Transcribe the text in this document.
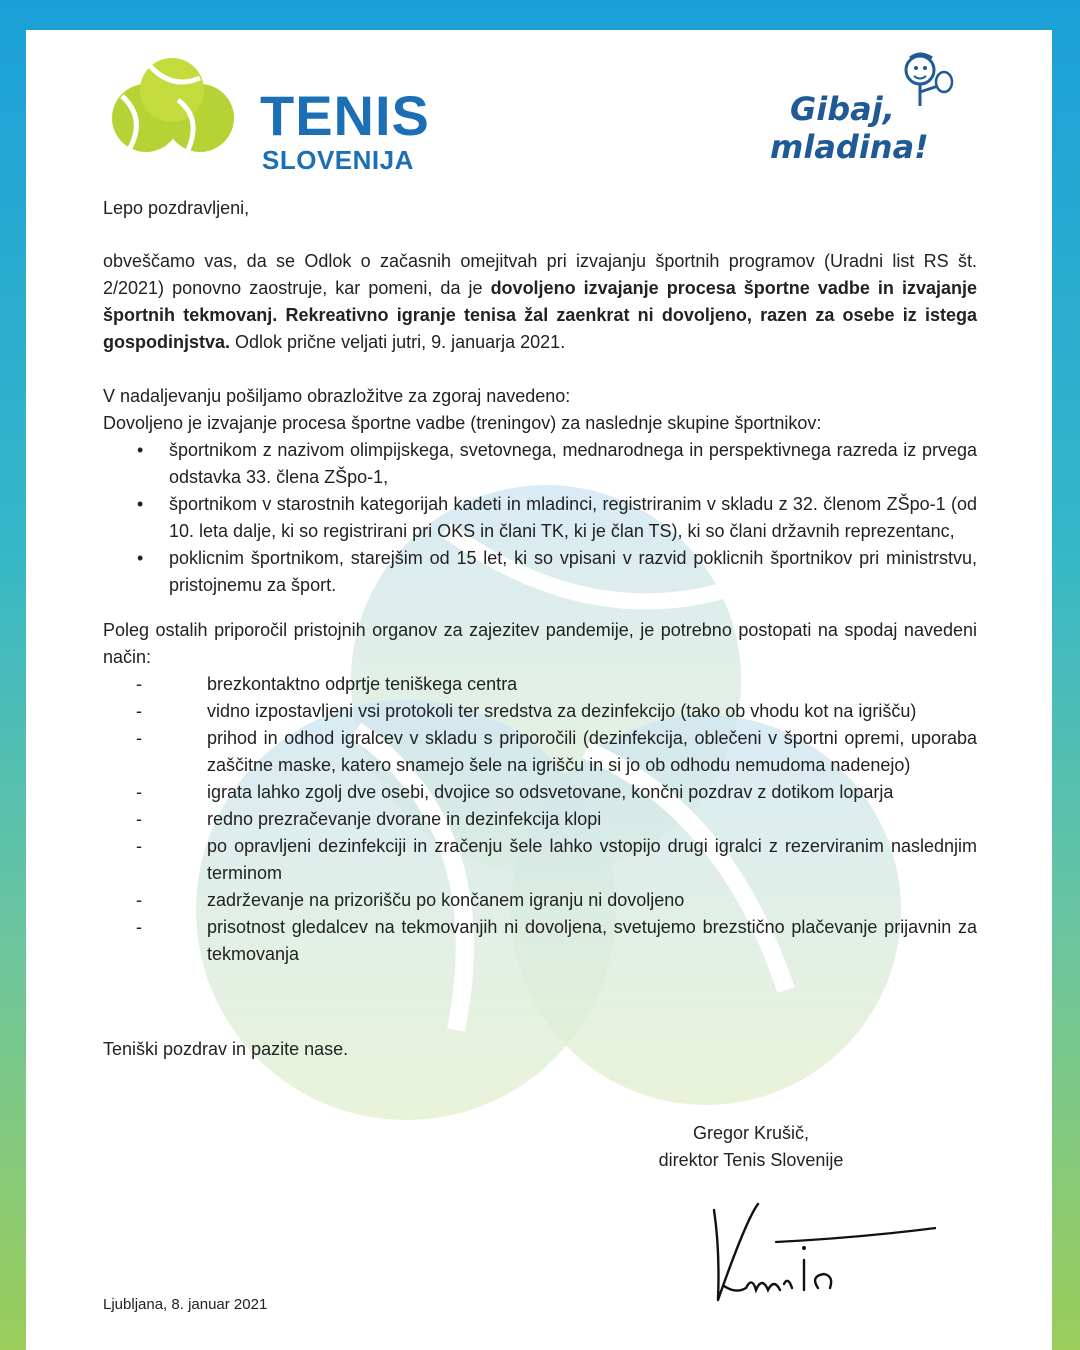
TENIS
SLOVENIJA
Gibaj,
mladina!
Lepo pozdravljeni,
obveščamo vas, da se Odlok o začasnih omejitvah pri izvajanju športnih programov (Uradni list RS št. 2/2021) ponovno zaostruje, kar pomeni, da je dovoljeno izvajanje procesa športne vadbe in izvajanje športnih tekmovanj. Rekreativno igranje tenisa žal zaenkrat ni dovoljeno, razen za osebe iz istega gospodinjstva. Odlok prične veljati jutri, 9. januarja 2021.
V nadaljevanju pošiljamo obrazložitve za zgoraj navedeno:
Dovoljeno je izvajanje procesa športne vadbe (treningov) za naslednje skupine športnikov:
• športnikom z nazivom olimpijskega, svetovnega, mednarodnega in perspektivnega razreda iz prvega odstavka 33. člena ZŠpo-1,
• športnikom v starostnih kategorijah kadeti in mladinci, registriranim v skladu z 32. členom ZŠpo-1 (od 10. leta dalje, ki so registrirani pri OKS in člani TK, ki je član TS), ki so člani državnih reprezentanc,
• poklicnim športnikom, starejšim od 15 let, ki so vpisani v razvid poklicnih športnikov pri ministrstvu, pristojnemu za šport.
Poleg ostalih priporočil pristojnih organov za zajezitev pandemije, je potrebno postopati na spodaj navedeni način:
-	brezkontaktno odprtje teniškega centra
-	vidno izpostavljeni vsi protokoli ter sredstva za dezinfekcijo (tako ob vhodu kot na igrišču)
-	prihod in odhod igralcev v skladu s priporočili (dezinfekcija, oblečeni v športni opremi, uporaba zaščitne maske, katero snamejo šele na igrišču in si jo ob odhodu nemudoma nadenejo)
-	igrata lahko zgolj dve osebi, dvojice so odsvetovane, končni pozdrav z dotikom loparja
-	redno prezračevanje dvorane in dezinfekcija klopi
-	po opravljeni dezinfekciji in zračenju šele lahko vstopijo drugi igralci z rezerviranim naslednjim terminom
-	zadrževanje na prizorišču po končanem igranju ni dovoljeno
-	prisotnost gledalcev na tekmovanjih ni dovoljena, svetujemo brezstično plačevanje prijavnin za tekmovanja
Teniški pozdrav in pazite nase.
Gregor Krušič,
direktor Tenis Slovenije
Ljubljana, 8. januar 2021
